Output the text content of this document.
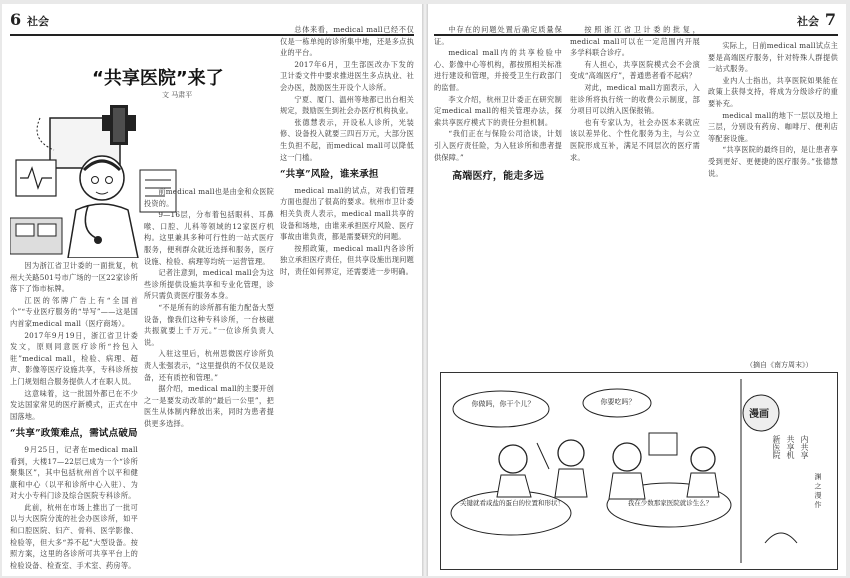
6 社会
“共享医院”来了
文 马肃平

因为浙江省卫计委的一面批复，杭州大关路501号市广场的一区22家诊所落下了饰市标牌。

江医的邻牌广告上有“全国首个”“专业医疗服务的“导写”——这是国内首家medical mall（医疗商场）。

2017年9月19日，浙江省卫计委发文，原则同意医疗诊所“拎包入驻”medical mall，检验、病理、超声、影像等医疗设施共享，专科诊所按上门规划组合服务提供人才在职人员。

这意味着，这一批国外都已在不少发达国家常见的医疗新模式，正式在中国落地。

“共享”政策难点，需试点破局

9月25日，记者在medical mall看到，大楼17—22层已成为一个“诊所聚集区”，其中包括杭州首个以平和健康和中心（以平和诊所中心入驻）、为对大小专科门诊及综合医院专科诊所。

此前，杭州在市场上推出了一批可以与大医院分流的社会办医诊所，如平和口腔医院、妇产、骨科、医学影像、检验等，但大多“养不起”大型设备。按照方案，这里的各诊所可共享平台上的检验设备、检查室、手术室、药房等。

前medical mall也是由金和众医院投资的。

9—16层，分布着包括眼科、耳鼻喉、口腔、儿科等领域的12家医疗机构。这里兼具多种可行性的一站式医疗服务，便利群众就近选择和服务，医疗设施、检验、病理等均统一运营管理。

记者注意到，medical mall会为这些诊所提供设施共享和专业化管理，诊所只需负责医疗服务本身。

“不是所有的诊所都有能力配备大型设备，像我们这种专科诊所，一台核磁共振就要上千万元。”一位诊所负责人说。

入驻这里后，杭州思微医疗诊所负责人张强表示，“这里提供的不仅仅是设备，还有质控和管理。”

据介绍，medical mall的主要开创之一是要发动改革的“最后一公里”，把医生从体制内释放出来，同时为患者提供更多选择。

总体来看，medical mall已经不仅仅是一栋单纯的诊所集中地，还是多点执业的平台。

2017年6月，卫生部医改办下发的卫计委文件中要求推进医生多点执业、社会办医，鼓励医生开设个人诊所。

宁夏、厦门、温州等地都已出台相关规定，鼓励医生到社会办医疗机构执业。

张德慧表示，开设私人诊所，光装修、设备投入就要三四百万元，大部分医生负担不起，而medical mall可以降低这一门槛。

“共享”风险，谁来承担

medical mall的试点，对我们管理方面也提出了很高的要求。杭州市卫计委相关负责人表示，medical mall共享的设备和场地，由谁来承担医疗风险、医疗事故由谁负责，都是需要研究的问题。

按照政策，medical mall内各诊所独立承担医疗责任，但共享设施出现问题时，责任如何界定，还需要进一步明确。

社会 7

中存在的问题处置后确定质量保证。

medical mall内的共享检验中心、影像中心等机构，都按照相关标准进行建设和管理，并接受卫生行政部门的监督。

李文介绍，杭州卫计委正在研究制定medical mall的相关管理办法，探索共享医疗模式下的责任分担机制。

“我们正在与保险公司洽谈，计划引入医疗责任险，为入驻诊所和患者提供保障。”

高端医疗，能走多远

按照浙江省卫计委的批复，medical mall可以在一定范围内开展多学科联合诊疗。

有人担心，共享医院模式会不会演变成“高端医疗”，普通患者看不起病？

对此，medical mall方面表示，入驻诊所将执行统一的收费公示制度，部分项目可以纳入医保报销。

也有专家认为，社会办医本来就应该以差异化、个性化服务为主，与公立医院形成互补，满足不同层次的医疗需求。

实际上，日前medical mall试点主要是高端医疗服务，针对特殊人群提供一站式服务。

业内人士指出，共享医院如果能在政策上获得支持，将成为分级诊疗的重要补充。

medical mall的地下一层以及地上三层，分别设有药房、咖啡厅、便利店等配套设施。

“共享医院的最终目的，是让患者享受到更好、更便捷的医疗服务。”张德慧说。

（摘自《南方周末》）
你做吗，你干个儿？	你要吃吗？
关键就看咸盐的蛋白的位置和形状！	我在少数那家医院就诊生么？
漫画
新医院 共享机 内共享
渊 之 漫 作
